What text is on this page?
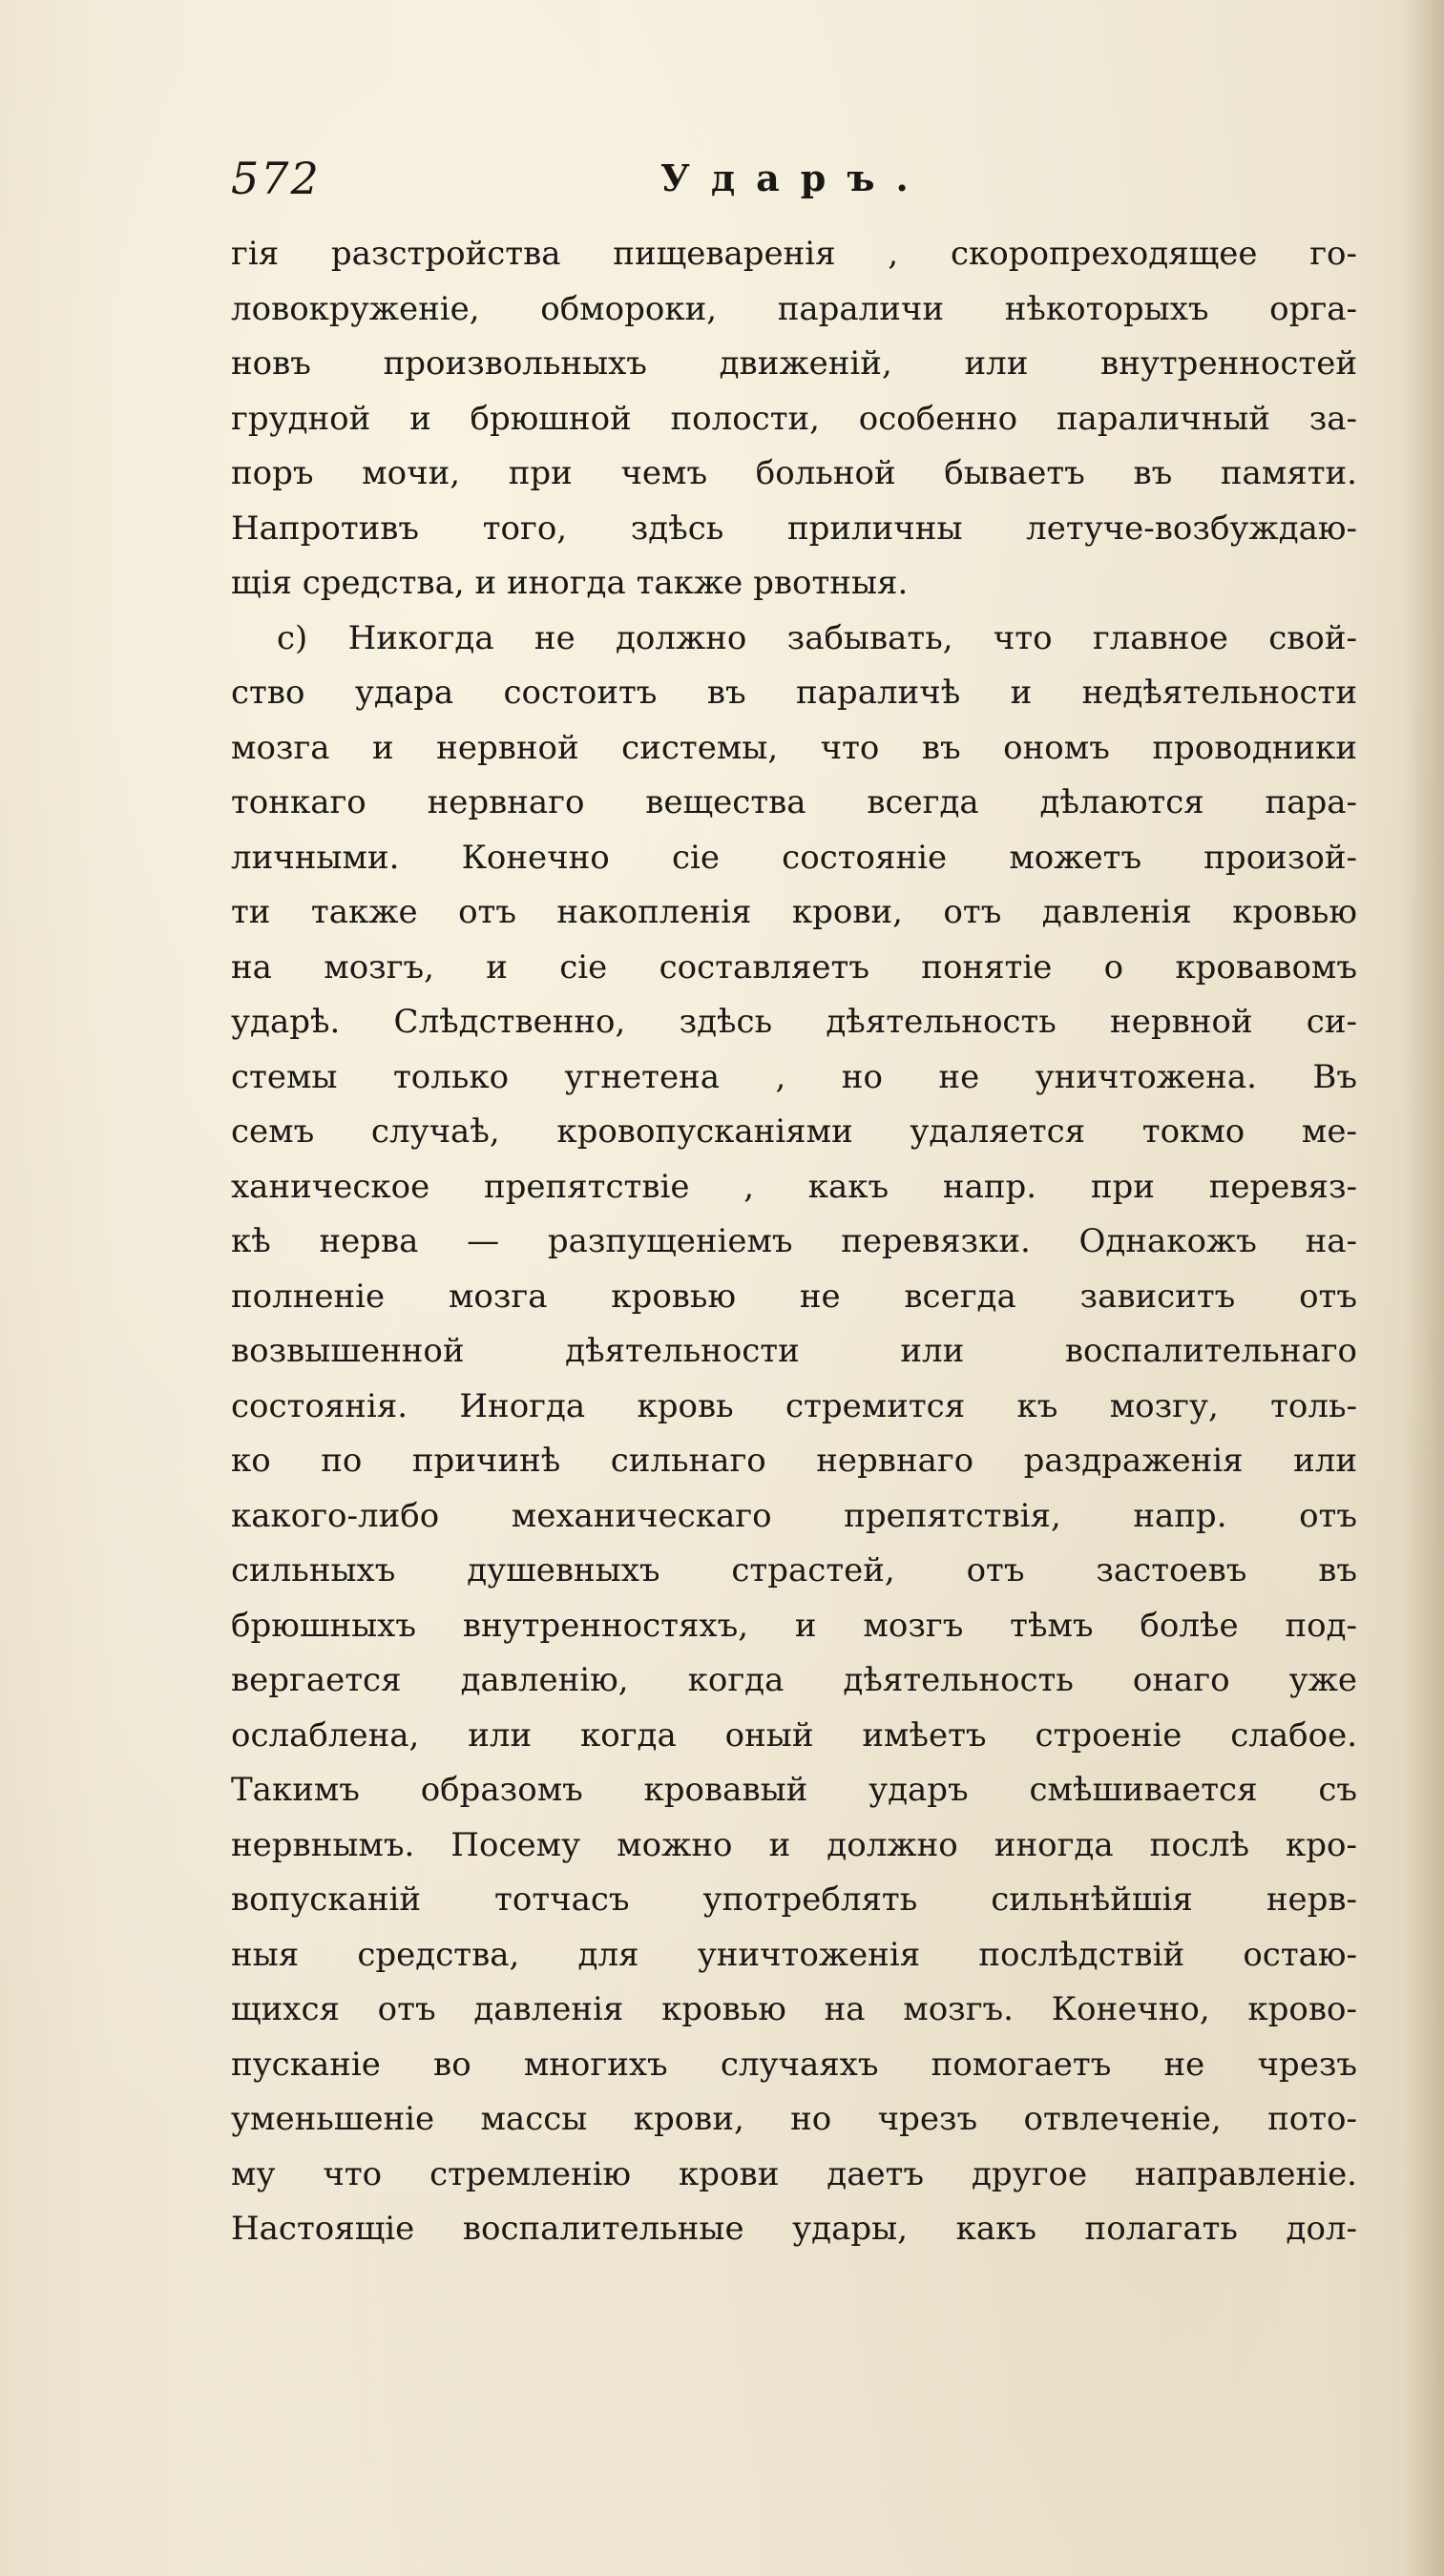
572	Ударъ.
гія разстройства пищеваренія , скоропреходящее го-
ловокруженіе, обмороки, параличи нѣкоторыхъ орга-
новъ произвольныхъ движеній, или внутренностей
грудной и брюшной полости, особенно параличный за-
поръ мочи, при чемъ больной бываетъ въ памяти.
Напротивъ того, здѣсь приличны летуче-возбуждаю-
щія средства, и иногда также рвотныя.
c) Никогда не должно забывать, что главное свой-
ство удара состоитъ въ параличѣ и недѣятельности
мозга и нервной системы, что въ ономъ проводники
тонкаго нервнаго вещества всегда дѣлаются пара-
личными. Конечно сіе состояніе можетъ произой-
ти также отъ накопленія крови, отъ давленія кровью
на мозгъ, и сіе составляетъ понятіе о кровавомъ
ударѣ. Слѣдственно, здѣсь дѣятельность нервной си-
стемы только угнетена , но не уничтожена. Въ
семъ случаѣ, кровопусканіями удаляется токмо ме-
ханическое препятствіе , какъ напр. при перевяз-
кѣ нерва — разпущеніемъ перевязки. Однакожъ на-
полненіе мозга кровью не всегда зависитъ отъ
возвышенной дѣятельности или воспалительнаго
состоянія. Иногда кровь стремится къ мозгу, толь-
ко по причинѣ сильнаго нервнаго раздраженія или
какого-либо механическаго препятствія, напр. отъ
сильныхъ душевныхъ страстей, отъ застоевъ въ
брюшныхъ внутренностяхъ, и мозгъ тѣмъ болѣе под-
вергается давленію, когда дѣятельность онаго уже
ослаблена, или когда оный имѣетъ строеніе слабое.
Такимъ образомъ кровавый ударъ смѣшивается съ
нервнымъ. Посему можно и должно иногда послѣ кро-
вопусканій тотчасъ употреблять сильнѣйшія нерв-
ныя средства, для уничтоженія послѣдствій остаю-
щихся отъ давленія кровью на мозгъ. Конечно, крово-
пусканіе во многихъ случаяхъ помогаетъ не чрезъ
уменьшеніе массы крови, но чрезъ отвлеченіе, пото-
му что стремленію крови даетъ другое направленіе.
Настоящіе воспалительные удары, какъ полагать дол-
